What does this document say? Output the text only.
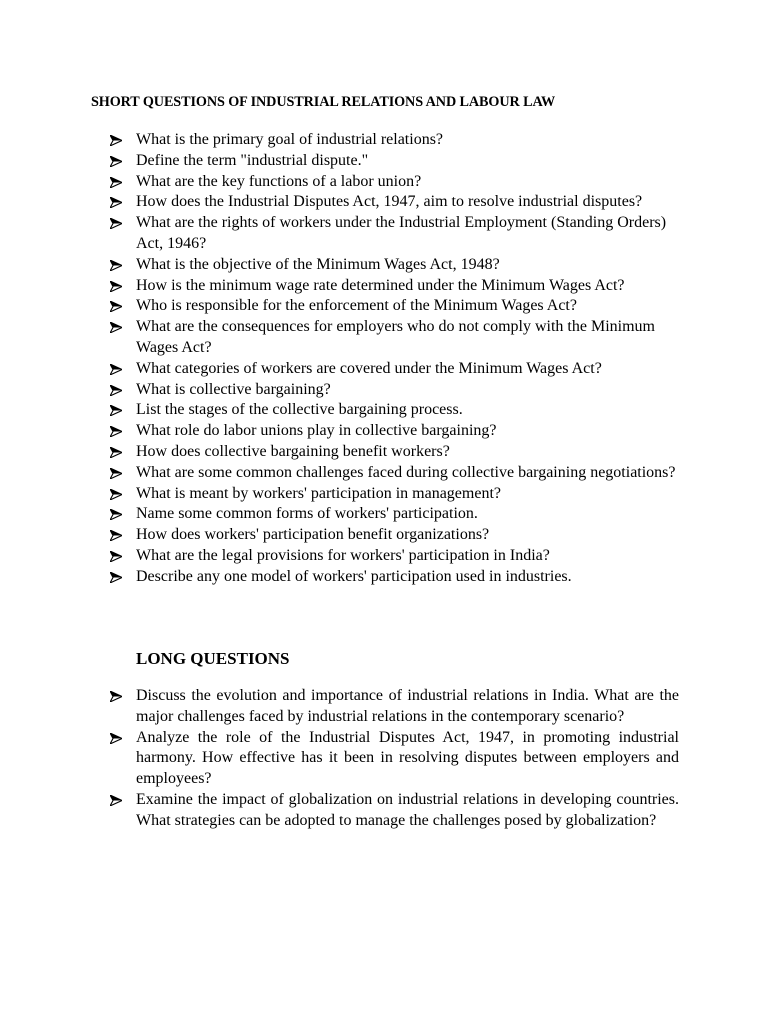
SHORT QUESTIONS OF INDUSTRIAL RELATIONS AND LABOUR LAW
What is the primary goal of industrial relations?
Define the term "industrial dispute."
What are the key functions of a labor union?
How does the Industrial Disputes Act, 1947, aim to resolve industrial disputes?
What are the rights of workers under the Industrial Employment (Standing Orders) Act, 1946?
What is the objective of the Minimum Wages Act, 1948?
How is the minimum wage rate determined under the Minimum Wages Act?
Who is responsible for the enforcement of the Minimum Wages Act?
What are the consequences for employers who do not comply with the Minimum Wages Act?
What categories of workers are covered under the Minimum Wages Act?
What is collective bargaining?
List the stages of the collective bargaining process.
What role do labor unions play in collective bargaining?
How does collective bargaining benefit workers?
What are some common challenges faced during collective bargaining negotiations?
What is meant by workers' participation in management?
Name some common forms of workers' participation.
How does workers' participation benefit organizations?
What are the legal provisions for workers' participation in India?
Describe any one model of workers' participation used in industries.
LONG QUESTIONS
Discuss the evolution and importance of industrial relations in India. What are the major challenges faced by industrial relations in the contemporary scenario?
Analyze the role of the Industrial Disputes Act, 1947, in promoting industrial harmony. How effective has it been in resolving disputes between employers and employees?
Examine the impact of globalization on industrial relations in developing countries. What strategies can be adopted to manage the challenges posed by globalization?
